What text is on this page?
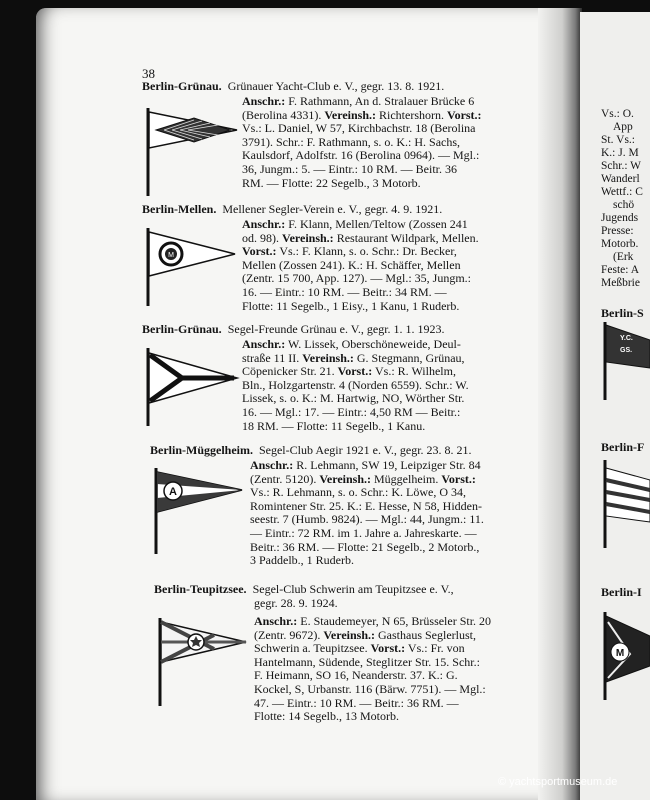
38
Berlin-Grünau. Grünauer Yacht-Club e. V., gegr. 13. 8. 1921.

Anschr.: F. Rathmann, An d. Stralauer Brücke 6

(Berolina 4331). Vereinsh.: Richtershorn. Vorst.:

Vs.: L. Daniel, W 57, Kirchbachstr. 18 (Berolina

3791). Schr.: F. Rathmann, s. o. K.: H. Sachs,

Kaulsdorf, Adolfstr. 16 (Berolina 0964). — Mgl.:

36, Jungm.: 5. — Eintr.: 10 RM. — Beitr. 36

RM. — Flotte: 22 Segelb., 3 Motorb.

Berlin-Mellen. Mellener Segler-Verein e. V., gegr. 4. 9. 1921.

Anschr.: F. Klann, Mellen/Teltow (Zossen 241

od. 98). Vereinsh.: Restaurant Wildpark, Mellen.

Vorst.: Vs.: F. Klann, s. o. Schr.: Dr. Becker,

Mellen (Zossen 241). K.: H. Schäffer, Mellen

(Zentr. 15 700, App. 127). — Mgl.: 35, Jungm.:

16. — Eintr.: 10 RM. — Beitr.: 34 RM. —

Flotte: 11 Segelb., 1 Eisy., 1 Kanu, 1 Ruderb.

M
Berlin-Grünau. Segel-Freunde Grünau e. V., gegr. 1. 1. 1923.

Anschr.: W. Lissek, Oberschöneweide, Deul-

straße 11 II. Vereinsh.: G. Stegmann, Grünau,

Cöpenicker Str. 21. Vorst.: Vs.: R. Wilhelm,

Bln., Holzgartenstr. 4 (Norden 6559). Schr.: W.

Lissek, s. o. K.: M. Hartwig, NO, Wörther Str.

16. — Mgl.: 17. — Eintr.: 4,50 RM — Beitr.:

18 RM. — Flotte: 11 Segelb., 1 Kanu.

Berlin-Müggelheim. Segel-Club Aegir 1921 e. V., gegr. 23. 8. 21.

Anschr.: R. Lehmann, SW 19, Leipziger Str. 84

(Zentr. 5120). Vereinsh.: Müggelheim. Vorst.:

Vs.: R. Lehmann, s. o. Schr.: K. Löwe, O 34,

Romintener Str. 25. K.: E. Hesse, N 58, Hidden-

seestr. 7 (Humb. 9824). — Mgl.: 44, Jungm.: 11.

— Eintr.: 72 RM. im 1. Jahre a. Jahreskarte. —

Beitr.: 36 RM. — Flotte: 21 Segelb., 2 Motorb.,

3 Paddelb., 1 Ruderb.

A
Berlin-Teupitzsee. Segel-Club Schwerin am Teupitzsee e. V.,
gegr. 28. 9. 1924.

Anschr.: E. Staudemeyer, N 65, Brüsseler Str. 20

(Zentr. 9672). Vereinsh.: Gasthaus Seglerlust,

Schwerin a. Teupitzsee. Vorst.: Vs.: Fr. von

Hantelmann, Südende, Steglitzer Str. 15. Schr.:

F. Heimann, SO 16, Neanderstr. 37. K.: G.

Kockel, S, Urbanstr. 116 (Bärw. 7751). — Mgl.:

47. — Eintr.: 10 RM. — Beitr.: 36 RM. —

Flotte: 14 Segelb., 13 Motorb.

Vs.: O.
App
St. Vs.:
K.: J. M
Schr.: W
Wanderl
Wettf.: C
schö
Jugends
Presse:
Motorb.
(Erk
Feste: A
Meßbrie
Berlin-S
Y.C.
GS.
Berlin-F
Berlin-I
M
© yachtsportmuseum.de
